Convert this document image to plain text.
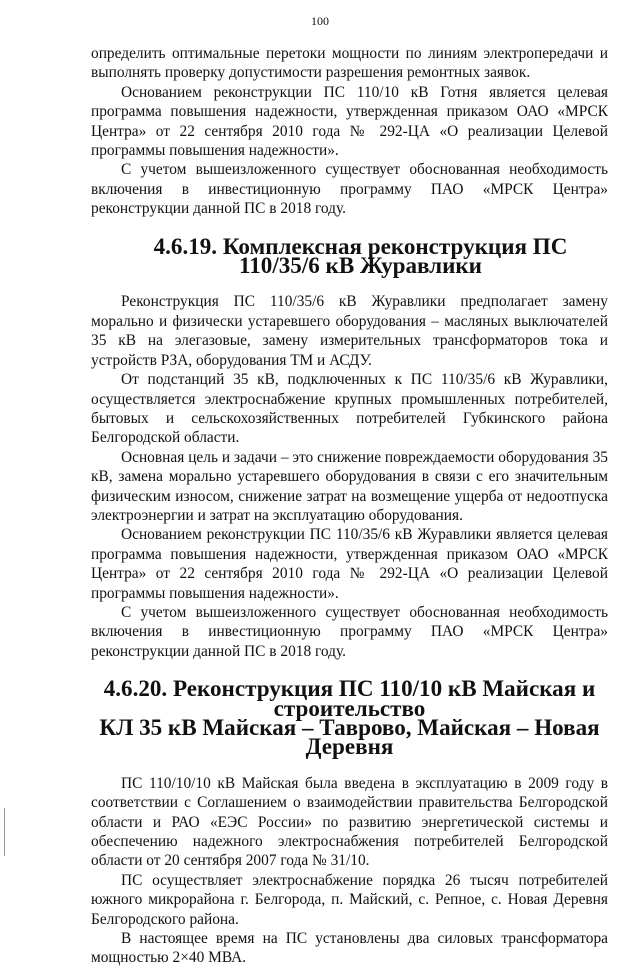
100

определить оптимальные перетоки мощности по линиям электропередачи и выполнять проверку допустимости разрешения ремонтных заявок.

Основанием реконструкции ПС 110/10 кВ Готня является целевая программа повышения надежности, утвержденная приказом ОАО «МРСК Центра» от 22 сентября 2010 года № 292-ЦА «О реализации Целевой программы повышения надежности».

С учетом вышеизложенного существует обоснованная необходимость включения в инвестиционную программу ПАО «МРСК Центра» реконструкции данной ПС в 2018 году.

4.6.19. Комплексная реконструкция ПС 110/35/6 кВ Журавлики

Реконструкция ПС 110/35/6 кВ Журавлики предполагает замену морально и физически устаревшего оборудования – масляных выключателей 35 кВ на элегазовые, замену измерительных трансформаторов тока и устройств РЗА, оборудования ТМ и АСДУ.

От подстанций 35 кВ, подключенных к ПС 110/35/6 кВ Журавлики, осуществляется электроснабжение крупных промышленных потребителей, бытовых и сельскохозяйственных потребителей Губкинского района Белгородской области.

Основная цель и задачи – это снижение повреждаемости оборудования 35 кВ, замена морально устаревшего оборудования в связи с его значительным физическим износом, снижение затрат на возмещение ущерба от недоотпуска электроэнергии и затрат на эксплуатацию оборудования.

Основанием реконструкции ПС 110/35/6 кВ Журавлики является целевая программа повышения надежности, утвержденная приказом ОАО «МРСК Центра» от 22 сентября 2010 года № 292-ЦА «О реализации Целевой программы повышения надежности».

С учетом вышеизложенного существует обоснованная необходимость включения в инвестиционную программу ПАО «МРСК Центра» реконструкции данной ПС в 2018 году.

4.6.20. Реконструкция ПС 110/10 кВ Майская и строительство
КЛ 35 кВ Майская – Таврово, Майская – Новая Деревня

ПС 110/10/10 кВ Майская была введена в эксплуатацию в 2009 году в соответствии с Соглашением о взаимодействии правительства Белгородской области и РАО «ЕЭС России» по развитию энергетической системы и обеспечению надежного электроснабжения потребителей Белгородской области от 20 сентября 2007 года № 31/10.

ПС осуществляет электроснабжение порядка 26 тысяч потребителей южного микрорайона г. Белгорода, п. Майский, с. Репное, с. Новая Деревня Белгородского района.

В настоящее время на ПС установлены два силовых трансформатора мощностью 2×40 МВА.
